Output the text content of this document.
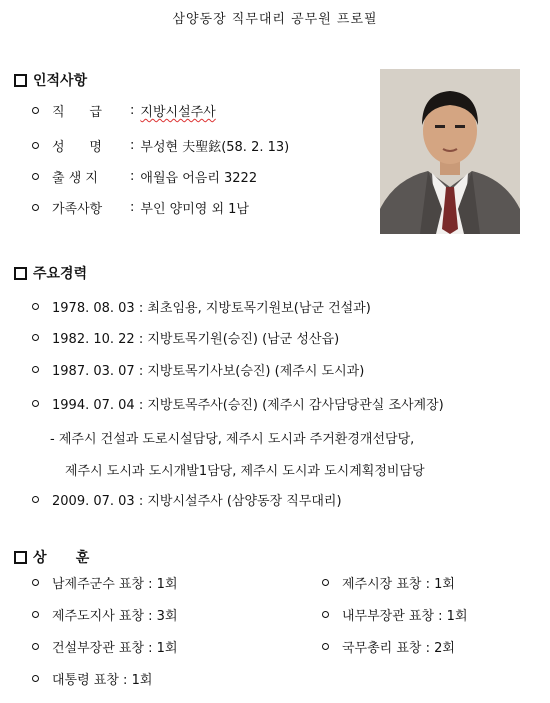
삼양동장 직무대리 공무원 프로필
인적사항
직      급	: 지방시설주사
성      명	: 부성현 夫聖鉉(58. 2. 13)
출 생 지	: 애월읍 어음리 3222
가족사항	: 부인 양미영 외 1남
주요경력
1978. 08. 03 : 최초임용, 지방토목기원보(남군 건설과)
1982. 10. 22 : 지방토목기원(승진) (남군 성산읍)
1987. 03. 07 : 지방토목기사보(승진) (제주시 도시과)
1994. 07. 04 : 지방토목주사(승진) (제주시 감사담당관실 조사계장)
- 제주시 건설과 도로시설담당, 제주시 도시과 주거환경개선담당,
제주시 도시과 도시개발1담당, 제주시 도시과 도시계획정비담당
2009. 07. 03 : 지방시설주사 (삼양동장 직무대리)
상      훈
남제주군수 표창 : 1회
제주도지사 표창 : 3회
건설부장관 표창 : 1회
대통령 표창 : 1회
제주시장 표창 : 1회
내무부장관 표창 : 1회
국무총리 표창 : 2회
